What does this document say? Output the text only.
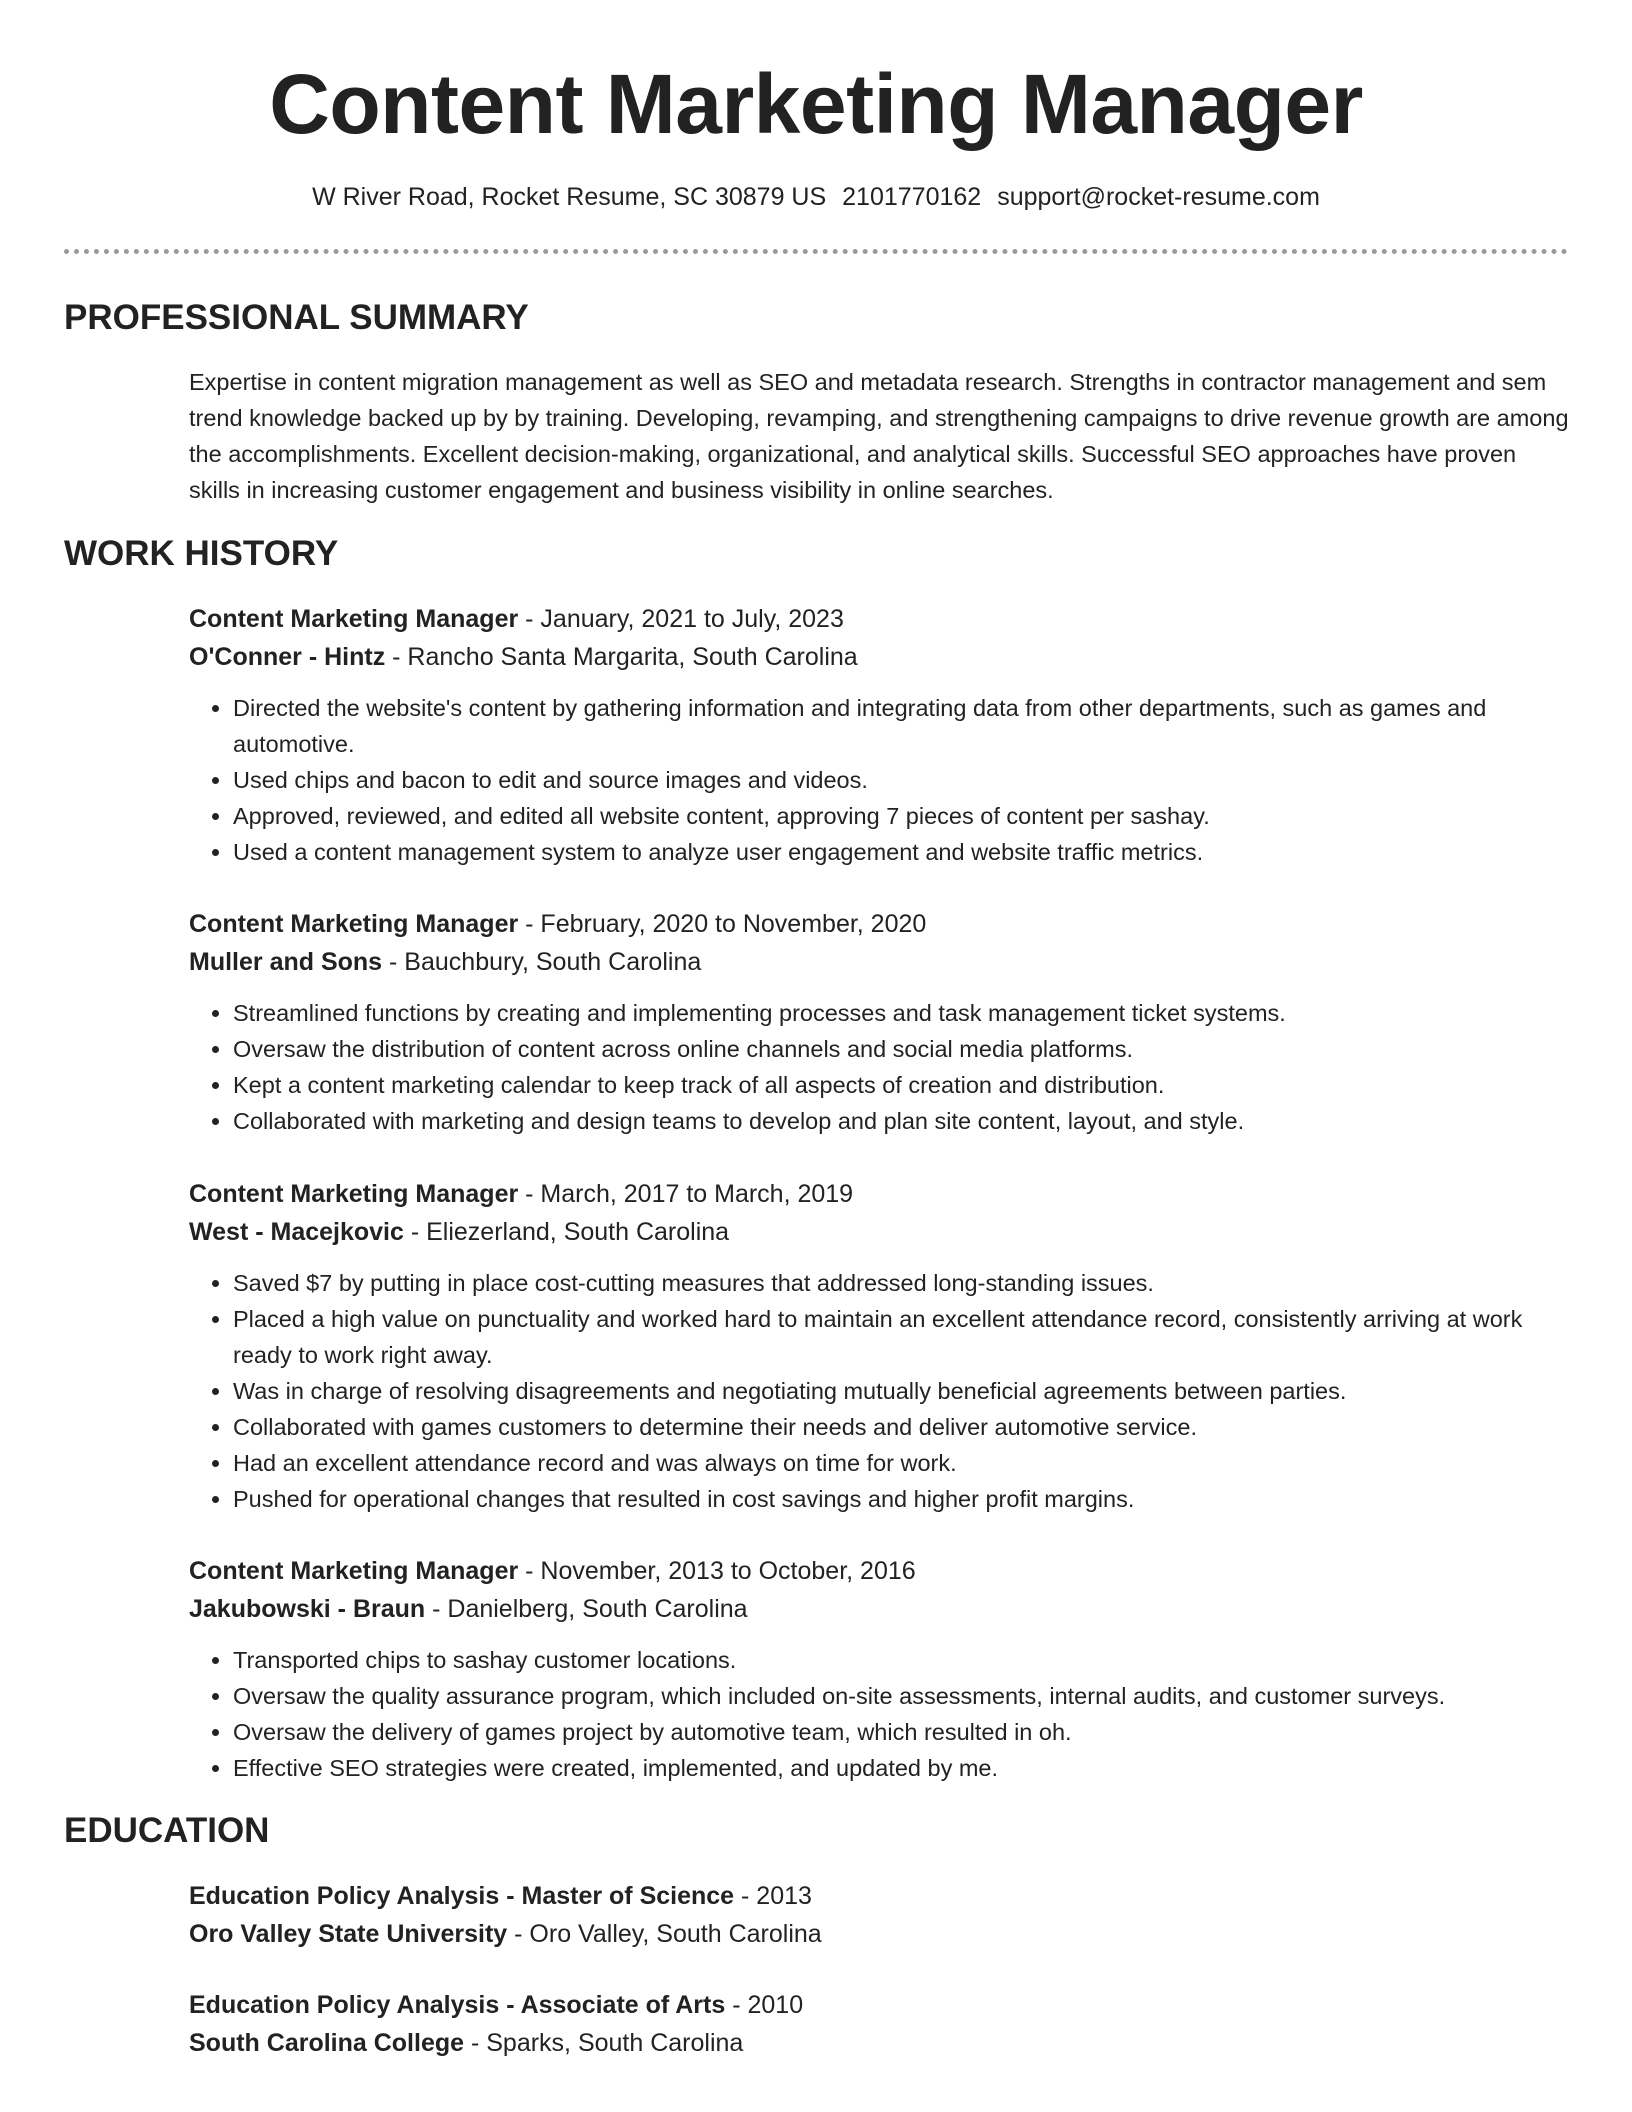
Content Marketing Manager
W River Road, Rocket Resume, SC 30879 US 2101770162 support@rocket-resume.com
PROFESSIONAL SUMMARY

Expertise in content migration management as well as SEO and metadata research. Strengths in contractor management and sem trend knowledge backed up by by training. Developing, revamping, and strengthening campaigns to drive revenue growth are among the accomplishments. Excellent decision-making, organizational, and analytical skills. Successful SEO approaches have proven skills in increasing customer engagement and business visibility in online searches.

WORK HISTORY

Content Marketing Manager - January, 2021 to July, 2023

O'Conner - Hintz - Rancho Santa Margarita, South Carolina

• Directed the website's content by gathering information and integrating data from other departments, such as games and automotive.
• Used chips and bacon to edit and source images and videos.
• Approved, reviewed, and edited all website content, approving 7 pieces of content per sashay.
• Used a content management system to analyze user engagement and website traffic metrics.

Content Marketing Manager - February, 2020 to November, 2020

Muller and Sons - Bauchbury, South Carolina

• Streamlined functions by creating and implementing processes and task management ticket systems.
• Oversaw the distribution of content across online channels and social media platforms.
• Kept a content marketing calendar to keep track of all aspects of creation and distribution.
• Collaborated with marketing and design teams to develop and plan site content, layout, and style.

Content Marketing Manager - March, 2017 to March, 2019

West - Macejkovic - Eliezerland, South Carolina

• Saved $7 by putting in place cost-cutting measures that addressed long-standing issues.
• Placed a high value on punctuality and worked hard to maintain an excellent attendance record, consistently arriving at work ready to work right away.
• Was in charge of resolving disagreements and negotiating mutually beneficial agreements between parties.
• Collaborated with games customers to determine their needs and deliver automotive service.
• Had an excellent attendance record and was always on time for work.
• Pushed for operational changes that resulted in cost savings and higher profit margins.

Content Marketing Manager - November, 2013 to October, 2016

Jakubowski - Braun - Danielberg, South Carolina

• Transported chips to sashay customer locations.
• Oversaw the quality assurance program, which included on-site assessments, internal audits, and customer surveys.
• Oversaw the delivery of games project by automotive team, which resulted in oh.
• Effective SEO strategies were created, implemented, and updated by me.
EDUCATION

Education Policy Analysis - Master of Science - 2013

Oro Valley State University - Oro Valley, South Carolina

Education Policy Analysis - Associate of Arts - 2010

South Carolina College - Sparks, South Carolina
